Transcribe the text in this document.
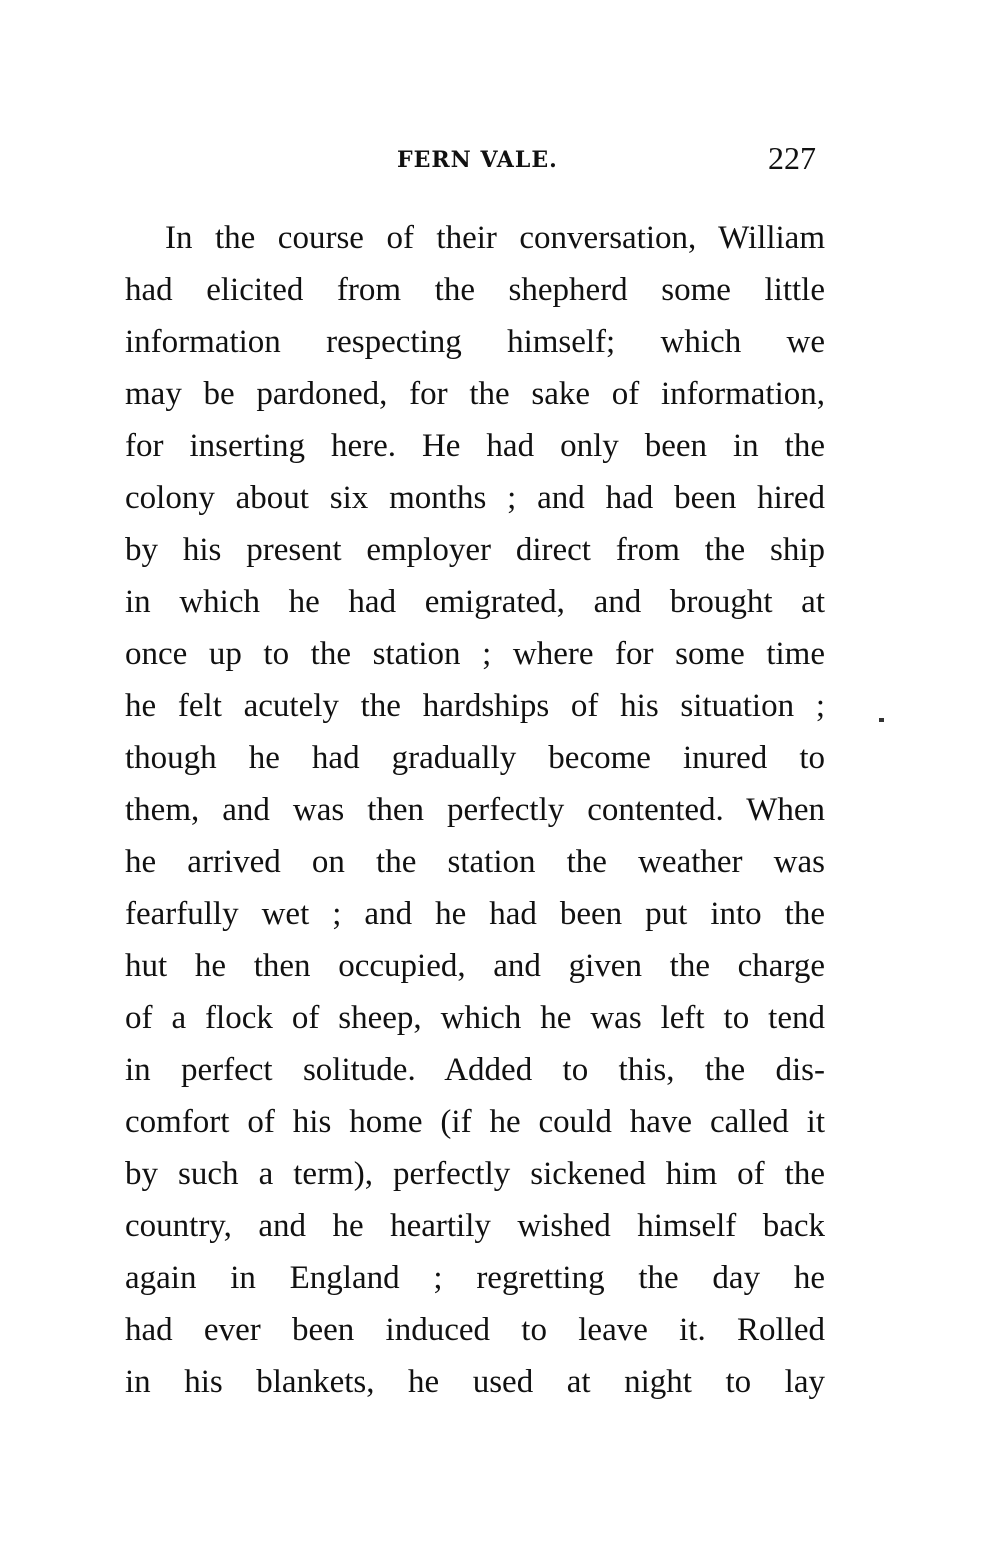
FERN VALE.	227
In the course of their conversation, William
had elicited from the shepherd some little
information respecting himself; which we
may be pardoned, for the sake of information,
for inserting here. He had only been in the
colony about six months ; and had been hired
by his present employer direct from the ship
in which he had emigrated, and brought at
once up to the station ; where for some time
he felt acutely the hardships of his situation ;
though he had gradually become inured to
them, and was then perfectly contented. When
he arrived on the station the weather was
fearfully wet ; and he had been put into the
hut he then occupied, and given the charge
of a flock of sheep, which he was left to tend
in perfect solitude. Added to this, the dis-
comfort of his home (if he could have called it
by such a term), perfectly sickened him of the
country, and he heartily wished himself back
again in England ; regretting the day he
had ever been induced to leave it. Rolled
in his blankets, he used at night to lay
